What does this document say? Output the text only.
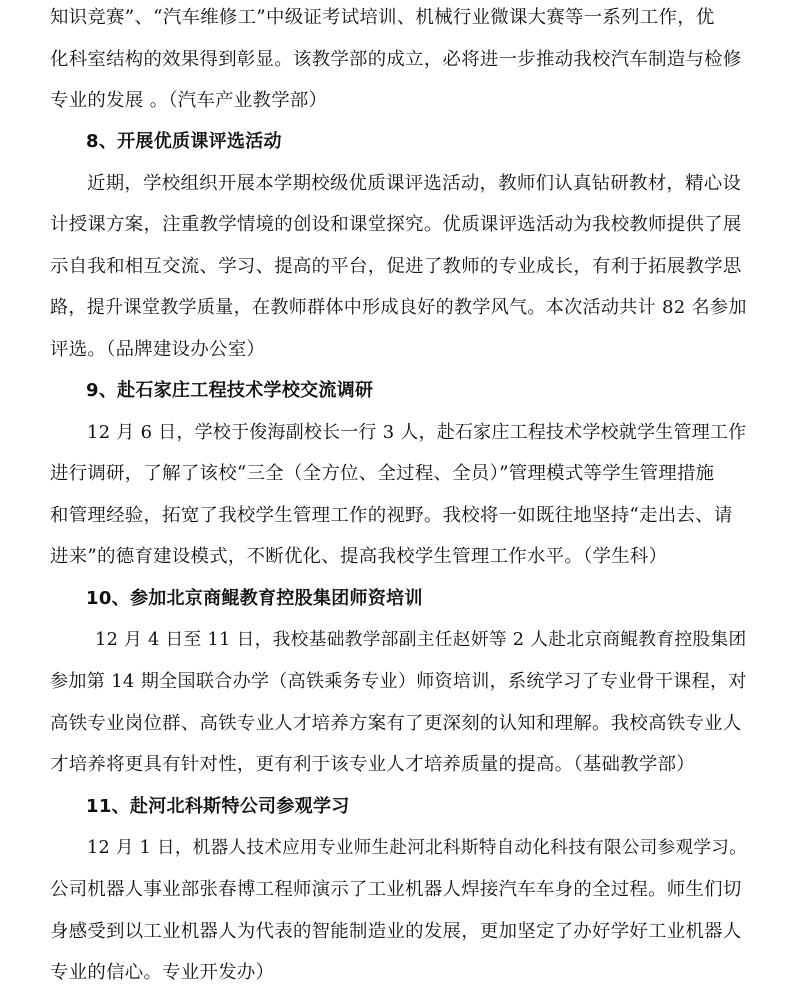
知识竞赛”、“汽车维修工”中级证考试培训、机械行业微课大赛等一系列工作，优
化科室结构的效果得到彰显。该教学部的成立，必将进一步推动我校汽车制造与检修
专业的发展 。（汽车产业教学部）

8、开展优质课评选活动

近期，学校组织开展本学期校级优质课评选活动，教师们认真钻研教材，精心设
计授课方案，注重教学情境的创设和课堂探究。优质课评选活动为我校教师提供了展
示自我和相互交流、学习、提高的平台，促进了教师的专业成长，有利于拓展教学思
路，提升课堂教学质量，在教师群体中形成良好的教学风气。本次活动共计 82 名参加
评选。（品牌建设办公室）

9、赴石家庄工程技术学校交流调研

12 月 6 日，学校于俊海副校长一行 3 人，赴石家庄工程技术学校就学生管理工作
进行调研，了解了该校“三全（全方位、全过程、全员）”管理模式等学生管理措施
和管理经验，拓宽了我校学生管理工作的视野。我校将一如既往地坚持“走出去、请
进来”的德育建设模式，不断优化、提高我校学生管理工作水平。（学生科）

10、参加北京商鲲教育控股集团师资培训

12 月 4 日至 11 日，我校基础教学部副主任赵妍等 2 人赴北京商鲲教育控股集团
参加第 14 期全国联合办学（高铁乘务专业）师资培训，系统学习了专业骨干课程，对
高铁专业岗位群、高铁专业人才培养方案有了更深刻的认知和理解。我校高铁专业人
才培养将更具有针对性，更有利于该专业人才培养质量的提高。（基础教学部）

11、赴河北科斯特公司参观学习

12 月 1 日，机器人技术应用专业师生赴河北科斯特自动化科技有限公司参观学习。
公司机器人事业部张春博工程师演示了工业机器人焊接汽车车身的全过程。师生们切
身感受到以工业机器人为代表的智能制造业的发展，更加坚定了办好学好工业机器人
专业的信心。专业开发办）
